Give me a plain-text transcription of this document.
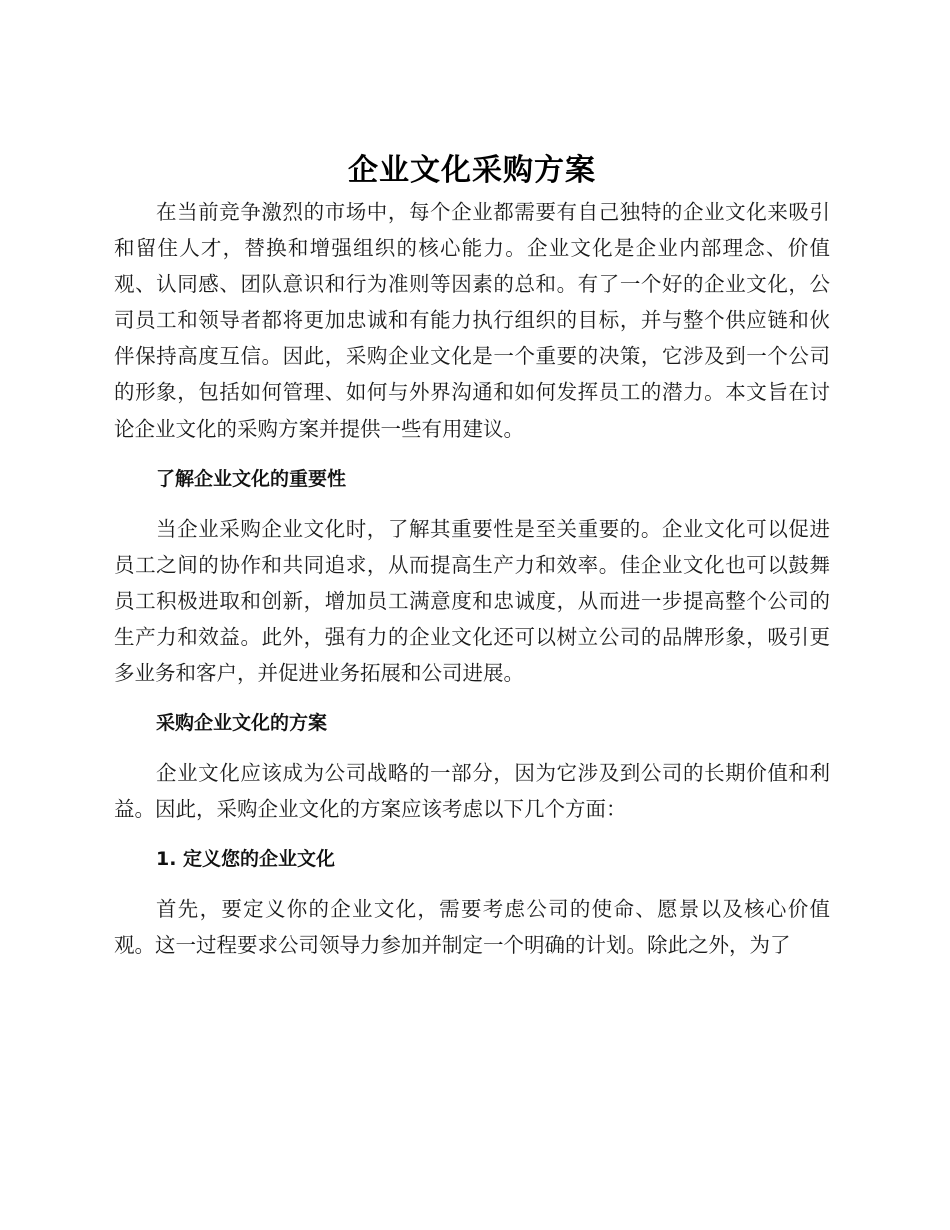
企业文化采购方案

在当前竞争激烈的市场中，每个企业都需要有自己独特的企业文化来吸引和留住人才，替换和增强组织的核心能力。企业文化是企业内部理念、价值观、认同感、团队意识和行为准则等因素的总和。有了一个好的企业文化，公司员工和领导者都将更加忠诚和有能力执行组织的目标，并与整个供应链和伙伴保持高度互信。因此，采购企业文化是一个重要的决策，它涉及到一个公司的形象，包括如何管理、如何与外界沟通和如何发挥员工的潜力。本文旨在讨论企业文化的采购方案并提供一些有用建议。

了解企业文化的重要性

当企业采购企业文化时，了解其重要性是至关重要的。企业文化可以促进员工之间的协作和共同追求，从而提高生产力和效率。佳企业文化也可以鼓舞员工积极进取和创新，增加员工满意度和忠诚度，从而进一步提高整个公司的生产力和效益。此外，强有力的企业文化还可以树立公司的品牌形象，吸引更多业务和客户，并促进业务拓展和公司进展。

采购企业文化的方案

企业文化应该成为公司战略的一部分，因为它涉及到公司的长期价值和利益。因此，采购企业文化的方案应该考虑以下几个方面：

1. 定义您的企业文化

首先，要定义你的企业文化，需要考虑公司的使命、愿景以及核心价值观。这一过程要求公司领导力参加并制定一个明确的计划。除此之外，为了
